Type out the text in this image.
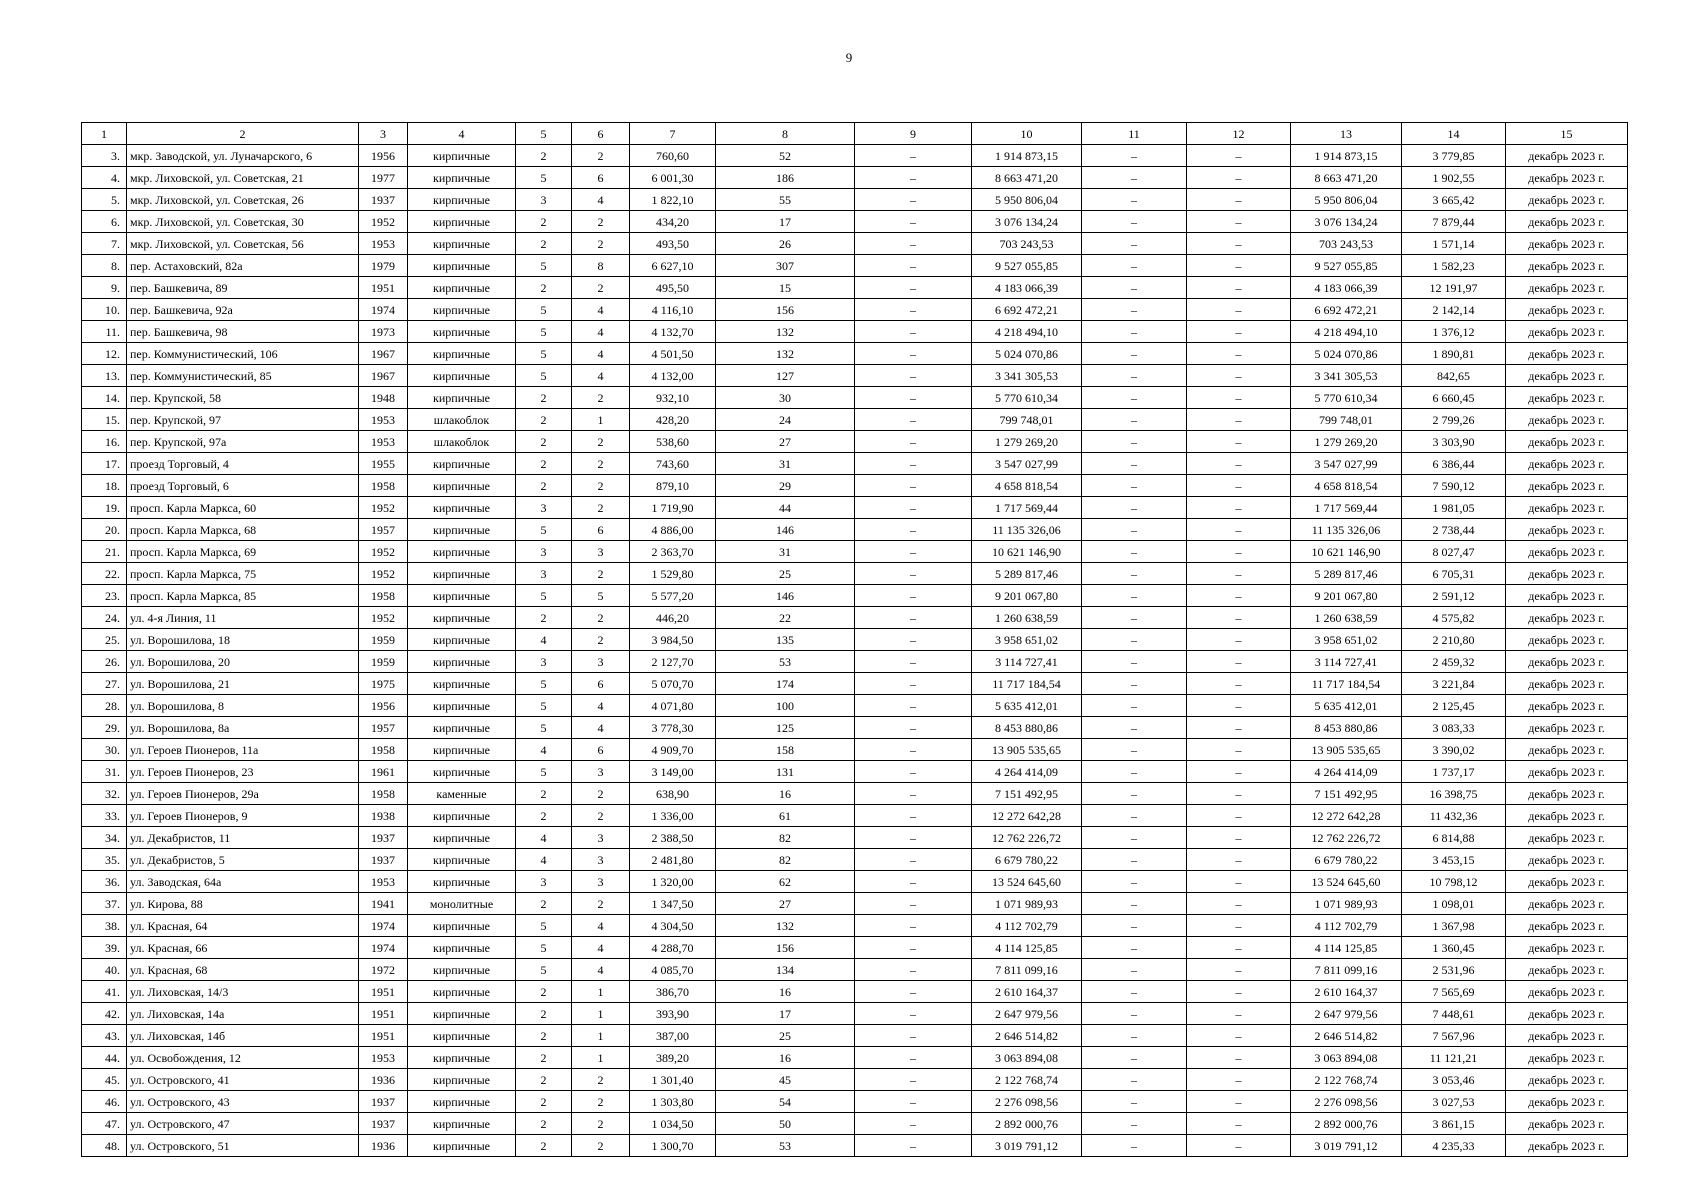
9
1	2	3	4	5	6	7	8	9	10	11	12	13	14	15
3.	мкр. Заводской, ул. Луначарского, 6	1956	кирпичные	2	2	760,60	52	–	1 914 873,15	–	–	1 914 873,15	3 779,85	декабрь 2023 г.
4.	мкр. Лиховской, ул. Советская, 21	1977	кирпичные	5	6	6 001,30	186	–	8 663 471,20	–	–	8 663 471,20	1 902,55	декабрь 2023 г.
5.	мкр. Лиховской, ул. Советская, 26	1937	кирпичные	3	4	1 822,10	55	–	5 950 806,04	–	–	5 950 806,04	3 665,42	декабрь 2023 г.
6.	мкр. Лиховской, ул. Советская, 30	1952	кирпичные	2	2	434,20	17	–	3 076 134,24	–	–	3 076 134,24	7 879,44	декабрь 2023 г.
7.	мкр. Лиховской, ул. Советская, 56	1953	кирпичные	2	2	493,50	26	–	703 243,53	–	–	703 243,53	1 571,14	декабрь 2023 г.
8.	пер. Астаховский, 82а	1979	кирпичные	5	8	6 627,10	307	–	9 527 055,85	–	–	9 527 055,85	1 582,23	декабрь 2023 г.
9.	пер. Башкевича, 89	1951	кирпичные	2	2	495,50	15	–	4 183 066,39	–	–	4 183 066,39	12 191,97	декабрь 2023 г.
10.	пер. Башкевича, 92а	1974	кирпичные	5	4	4 116,10	156	–	6 692 472,21	–	–	6 692 472,21	2 142,14	декабрь 2023 г.
11.	пер. Башкевича, 98	1973	кирпичные	5	4	4 132,70	132	–	4 218 494,10	–	–	4 218 494,10	1 376,12	декабрь 2023 г.
12.	пер. Коммунистический, 106	1967	кирпичные	5	4	4 501,50	132	–	5 024 070,86	–	–	5 024 070,86	1 890,81	декабрь 2023 г.
13.	пер. Коммунистический, 85	1967	кирпичные	5	4	4 132,00	127	–	3 341 305,53	–	–	3 341 305,53	842,65	декабрь 2023 г.
14.	пер. Крупской, 58	1948	кирпичные	2	2	932,10	30	–	5 770 610,34	–	–	5 770 610,34	6 660,45	декабрь 2023 г.
15.	пер. Крупской, 97	1953	шлакоблок	2	1	428,20	24	–	799 748,01	–	–	799 748,01	2 799,26	декабрь 2023 г.
16.	пер. Крупской, 97а	1953	шлакоблок	2	2	538,60	27	–	1 279 269,20	–	–	1 279 269,20	3 303,90	декабрь 2023 г.
17.	проезд Торговый, 4	1955	кирпичные	2	2	743,60	31	–	3 547 027,99	–	–	3 547 027,99	6 386,44	декабрь 2023 г.
18.	проезд Торговый, 6	1958	кирпичные	2	2	879,10	29	–	4 658 818,54	–	–	4 658 818,54	7 590,12	декабрь 2023 г.
19.	просп. Карла Маркса, 60	1952	кирпичные	3	2	1 719,90	44	–	1 717 569,44	–	–	1 717 569,44	1 981,05	декабрь 2023 г.
20.	просп. Карла Маркса, 68	1957	кирпичные	5	6	4 886,00	146	–	11 135 326,06	–	–	11 135 326,06	2 738,44	декабрь 2023 г.
21.	просп. Карла Маркса, 69	1952	кирпичные	3	3	2 363,70	31	–	10 621 146,90	–	–	10 621 146,90	8 027,47	декабрь 2023 г.
22.	просп. Карла Маркса, 75	1952	кирпичные	3	2	1 529,80	25	–	5 289 817,46	–	–	5 289 817,46	6 705,31	декабрь 2023 г.
23.	просп. Карла Маркса, 85	1958	кирпичные	5	5	5 577,20	146	–	9 201 067,80	–	–	9 201 067,80	2 591,12	декабрь 2023 г.
24.	ул. 4-я Линия, 11	1952	кирпичные	2	2	446,20	22	–	1 260 638,59	–	–	1 260 638,59	4 575,82	декабрь 2023 г.
25.	ул. Ворошилова, 18	1959	кирпичные	4	2	3 984,50	135	–	3 958 651,02	–	–	3 958 651,02	2 210,80	декабрь 2023 г.
26.	ул. Ворошилова, 20	1959	кирпичные	3	3	2 127,70	53	–	3 114 727,41	–	–	3 114 727,41	2 459,32	декабрь 2023 г.
27.	ул. Ворошилова, 21	1975	кирпичные	5	6	5 070,70	174	–	11 717 184,54	–	–	11 717 184,54	3 221,84	декабрь 2023 г.
28.	ул. Ворошилова, 8	1956	кирпичные	5	4	4 071,80	100	–	5 635 412,01	–	–	5 635 412,01	2 125,45	декабрь 2023 г.
29.	ул. Ворошилова, 8а	1957	кирпичные	5	4	3 778,30	125	–	8 453 880,86	–	–	8 453 880,86	3 083,33	декабрь 2023 г.
30.	ул. Героев Пионеров, 11а	1958	кирпичные	4	6	4 909,70	158	–	13 905 535,65	–	–	13 905 535,65	3 390,02	декабрь 2023 г.
31.	ул. Героев Пионеров, 23	1961	кирпичные	5	3	3 149,00	131	–	4 264 414,09	–	–	4 264 414,09	1 737,17	декабрь 2023 г.
32.	ул. Героев Пионеров, 29а	1958	каменные	2	2	638,90	16	–	7 151 492,95	–	–	7 151 492,95	16 398,75	декабрь 2023 г.
33.	ул. Героев Пионеров, 9	1938	кирпичные	2	2	1 336,00	61	–	12 272 642,28	–	–	12 272 642,28	11 432,36	декабрь 2023 г.
34.	ул. Декабристов, 11	1937	кирпичные	4	3	2 388,50	82	–	12 762 226,72	–	–	12 762 226,72	6 814,88	декабрь 2023 г.
35.	ул. Декабристов, 5	1937	кирпичные	4	3	2 481,80	82	–	6 679 780,22	–	–	6 679 780,22	3 453,15	декабрь 2023 г.
36.	ул. Заводская, 64а	1953	кирпичные	3	3	1 320,00	62	–	13 524 645,60	–	–	13 524 645,60	10 798,12	декабрь 2023 г.
37.	ул. Кирова, 88	1941	монолитные	2	2	1 347,50	27	–	1 071 989,93	–	–	1 071 989,93	1 098,01	декабрь 2023 г.
38.	ул. Красная, 64	1974	кирпичные	5	4	4 304,50	132	–	4 112 702,79	–	–	4 112 702,79	1 367,98	декабрь 2023 г.
39.	ул. Красная, 66	1974	кирпичные	5	4	4 288,70	156	–	4 114 125,85	–	–	4 114 125,85	1 360,45	декабрь 2023 г.
40.	ул. Красная, 68	1972	кирпичные	5	4	4 085,70	134	–	7 811 099,16	–	–	7 811 099,16	2 531,96	декабрь 2023 г.
41.	ул. Лиховская, 14/3	1951	кирпичные	2	1	386,70	16	–	2 610 164,37	–	–	2 610 164,37	7 565,69	декабрь 2023 г.
42.	ул. Лиховская, 14а	1951	кирпичные	2	1	393,90	17	–	2 647 979,56	–	–	2 647 979,56	7 448,61	декабрь 2023 г.
43.	ул. Лиховская, 14б	1951	кирпичные	2	1	387,00	25	–	2 646 514,82	–	–	2 646 514,82	7 567,96	декабрь 2023 г.
44.	ул. Освобождения, 12	1953	кирпичные	2	1	389,20	16	–	3 063 894,08	–	–	3 063 894,08	11 121,21	декабрь 2023 г.
45.	ул. Островского, 41	1936	кирпичные	2	2	1 301,40	45	–	2 122 768,74	–	–	2 122 768,74	3 053,46	декабрь 2023 г.
46.	ул. Островского, 43	1937	кирпичные	2	2	1 303,80	54	–	2 276 098,56	–	–	2 276 098,56	3 027,53	декабрь 2023 г.
47.	ул. Островского, 47	1937	кирпичные	2	2	1 034,50	50	–	2 892 000,76	–	–	2 892 000,76	3 861,15	декабрь 2023 г.
48.	ул. Островского, 51	1936	кирпичные	2	2	1 300,70	53	–	3 019 791,12	–	–	3 019 791,12	4 235,33	декабрь 2023 г.
